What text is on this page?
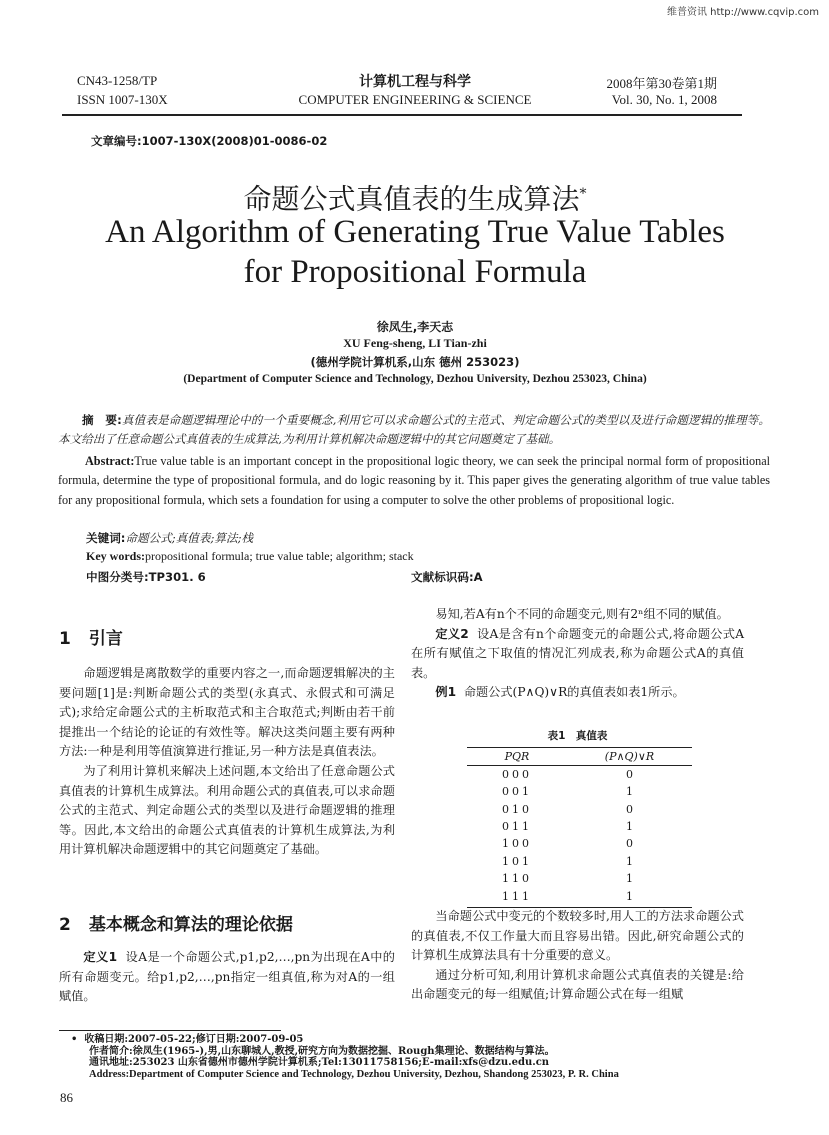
维普资讯 http://www.cqvip.com
CN43-1258/TP
ISSN 1007-130X
计算机工程与科学
COMPUTER ENGINEERING & SCIENCE
2008年第30卷第1期
Vol. 30, No. 1, 2008
文章编号:1007-130X(2008)01-0086-02
命题公式真值表的生成算法*
An Algorithm of Generating True Value Tables
for Propositional Formula
徐凤生,李天志
XU Feng-sheng, LI Tian-zhi
(德州学院计算机系,山东 德州 253023)
(Department of Computer Science and Technology, Dezhou University, Dezhou 253023, China)
摘　要:真值表是命题逻辑理论中的一个重要概念,利用它可以求命题公式的主范式、判定命题公式的类型以及进行命题逻辑的推理等。本文给出了任意命题公式真值表的生成算法,为利用计算机解决命题逻辑中的其它问题奠定了基础。
Abstract:True value table is an important concept in the propositional logic theory, we can seek the principal normal form of propositional formula, determine the type of propositional formula, and do logic reasoning by it. This paper gives the generating algorithm of true value tables for any propositional formula, which sets a foundation for using a computer to solve the other problems of propositional logic.
关键词:命题公式;真值表;算法;栈
Key words:propositional formula; true value table; algorithm; stack
中图分类号:TP301. 6	文献标识码:A
1 引言

命题逻辑是离散数学的重要内容之一,而命题逻辑解决的主要问题[1]是:判断命题公式的类型(永真式、永假式和可满足式);求给定命题公式的主析取范式和主合取范式;判断由若干前提推出一个结论的论证的有效性等。解决这类问题主要有两种方法:一种是利用等值演算进行推证,另一种方法是真值表法。

为了利用计算机来解决上述问题,本文给出了任意命题公式真值表的计算机生成算法。利用命题公式的真值表,可以求命题公式的主范式、判定命题公式的类型以及进行命题逻辑的推理等。因此,本文给出的命题公式真值表的计算机生成算法,为利用计算机解决命题逻辑中的其它问题奠定了基础。

2 基本概念和算法的理论依据

定义1 设A是一个命题公式,p1,p2,…,pn为出现在A中的所有命题变元。给p1,p2,…,pn指定一组真值,称为对A的一组赋值。

易知,若A有n个不同的命题变元,则有2ⁿ组不同的赋值。

定义2 设A是含有n个命题变元的命题公式,将命题公式A在所有赋值之下取值的情况汇列成表,称为命题公式A的真值表。

例1 命题公式(P∧Q)∨R的真值表如表1所示。

表1　真值表
PQR	(P∧Q)∨R
000	0
001	1
010	0
011	1
100	0
101	1
110	1
111	1

当命题公式中变元的个数较多时,用人工的方法求命题公式的真值表,不仅工作量大而且容易出错。因此,研究命题公式的计算机生成算法具有十分重要的意义。

通过分析可知,利用计算机求命题公式真值表的关键是:给出命题变元的每一组赋值;计算命题公式在每一组赋

•  收稿日期:2007-05-22;修订日期:2007-09-05
作者简介:徐凤生(1965-),男,山东聊城人,教授,研究方向为数据挖掘、Rough集理论、数据结构与算法。
通讯地址:253023 山东省德州市德州学院计算机系;Tel:13011758156;E-mail:xfs@dzu.edu.cn
Address:Department of Computer Science and Technology, Dezhou University, Dezhou, Shandong 253023, P. R. China
86
